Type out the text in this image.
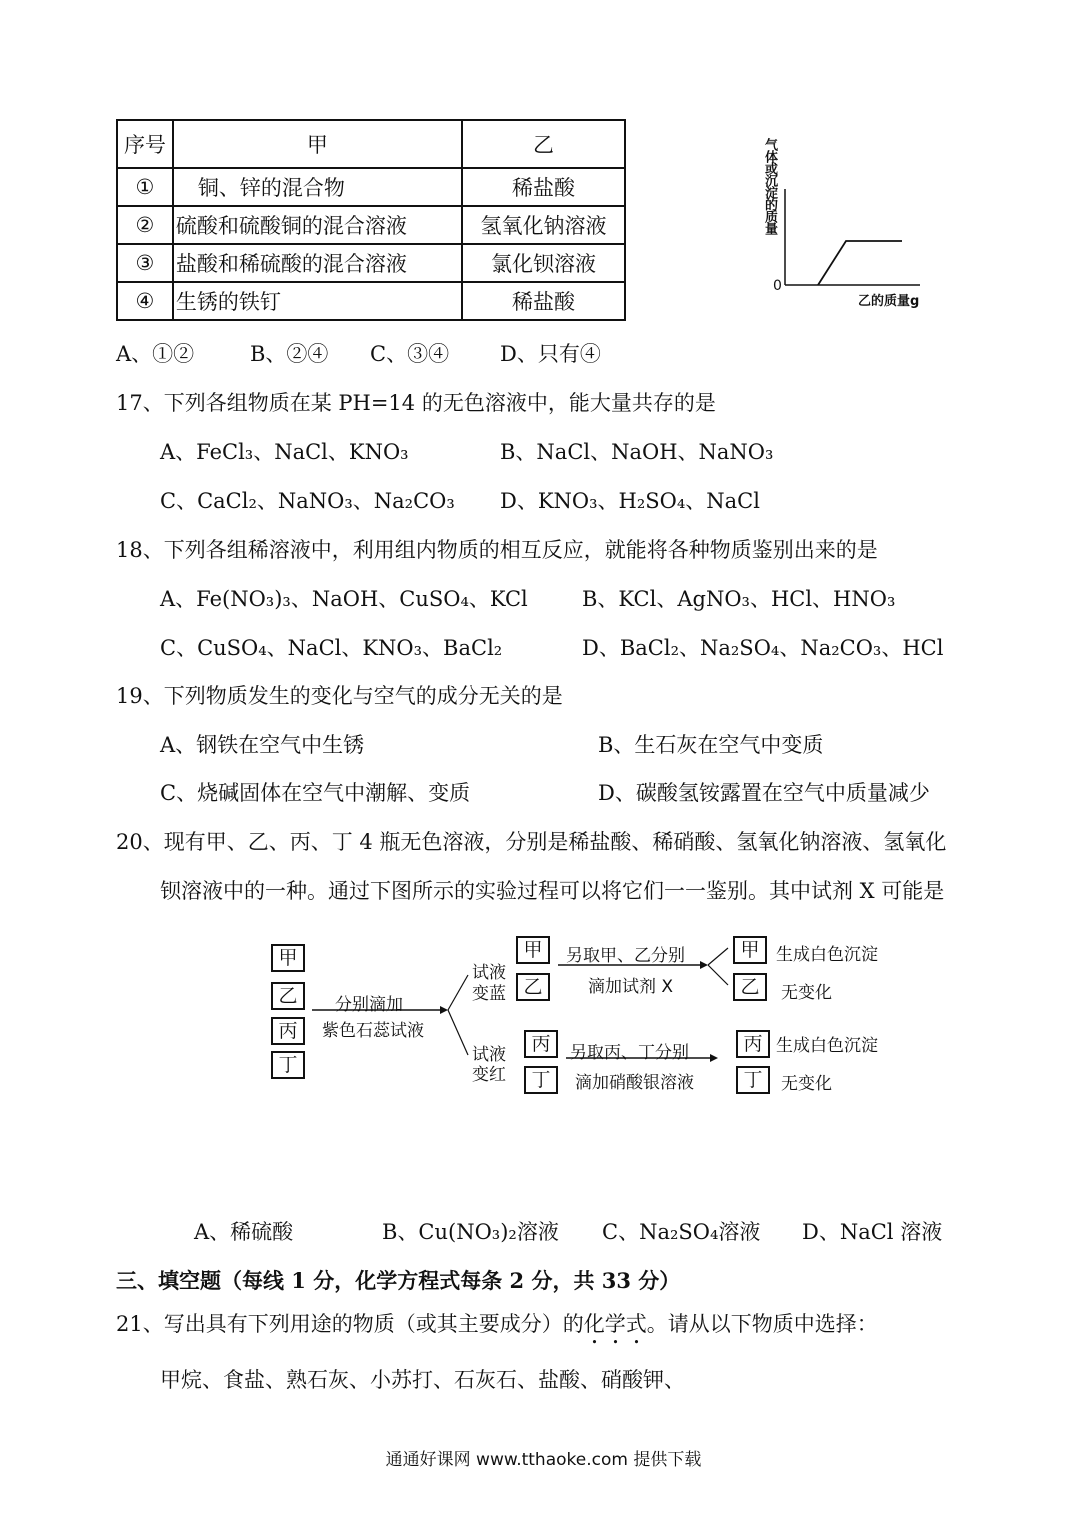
序号	甲	乙
①	铜、锌的混合物	稀盐酸
②	硫酸和硫酸铜的混合溶液	氢氧化钠溶液
③	盐酸和稀硫酸的混合溶液	氯化钡溶液
④	生锈的铁钉	稀盐酸
气体或沉淀的质量
0
乙的质量g
A、①②	B、②④ C、③④ D、只有④
17、下列各组物质在某 PH=14 的无色溶液中，能大量共存的是
A、FeCl₃、NaCl、KNO₃	B、NaCl、NaOH、NaNO₃
C、CaCl₂、NaNO₃、Na₂CO₃ D、KNO₃、H₂SO₄、NaCl
18、下列各组稀溶液中，利用组内物质的相互反应，就能将各种物质鉴别出来的是
A、Fe(NO₃)₃、NaOH、CuSO₄、KCl	B、KCl、AgNO₃、HCl、HNO₃
C、CuSO₄、NaCl、KNO₃、BaCl₂	D、BaCl₂、Na₂SO₄、Na₂CO₃、HCl
19、下列物质发生的变化与空气的成分无关的是
A、钢铁在空气中生锈	B、生石灰在空气中变质
C、烧碱固体在空气中潮解、变质	D、碳酸氢铵露置在空气中质量减少
20、现有甲、乙、丙、丁 4 瓶无色溶液，分别是稀盐酸、稀硝酸、氢氧化钠溶液、氢氧化
钡溶液中的一种。通过下图所示的实验过程可以将它们一一鉴别。其中试剂 X 可能是
甲
乙
丙
丁
分别滴加
紫色石蕊试液
试液
变蓝
试液
变红
甲
乙
丙
丁
另取甲、乙分别
滴加试剂 X
另取丙、丁分别
滴加硝酸银溶液
甲
乙
丙
丁
生成白色沉淀
无变化
生成白色沉淀
无变化
A、稀硫酸	B、Cu(NO₃)₂溶液 C、Na₂SO₄溶液 D、NaCl 溶液
三、填空题（每线 1 分，化学方程式每条 2 分，共 33 分）
21、写出具有下列用途的物质（或其主要成分）的化学式。请从以下物质中选择：
甲烷、食盐、熟石灰、小苏打、石灰石、盐酸、硝酸钾、
通通好课网 www.tthaoke.com 提供下载
